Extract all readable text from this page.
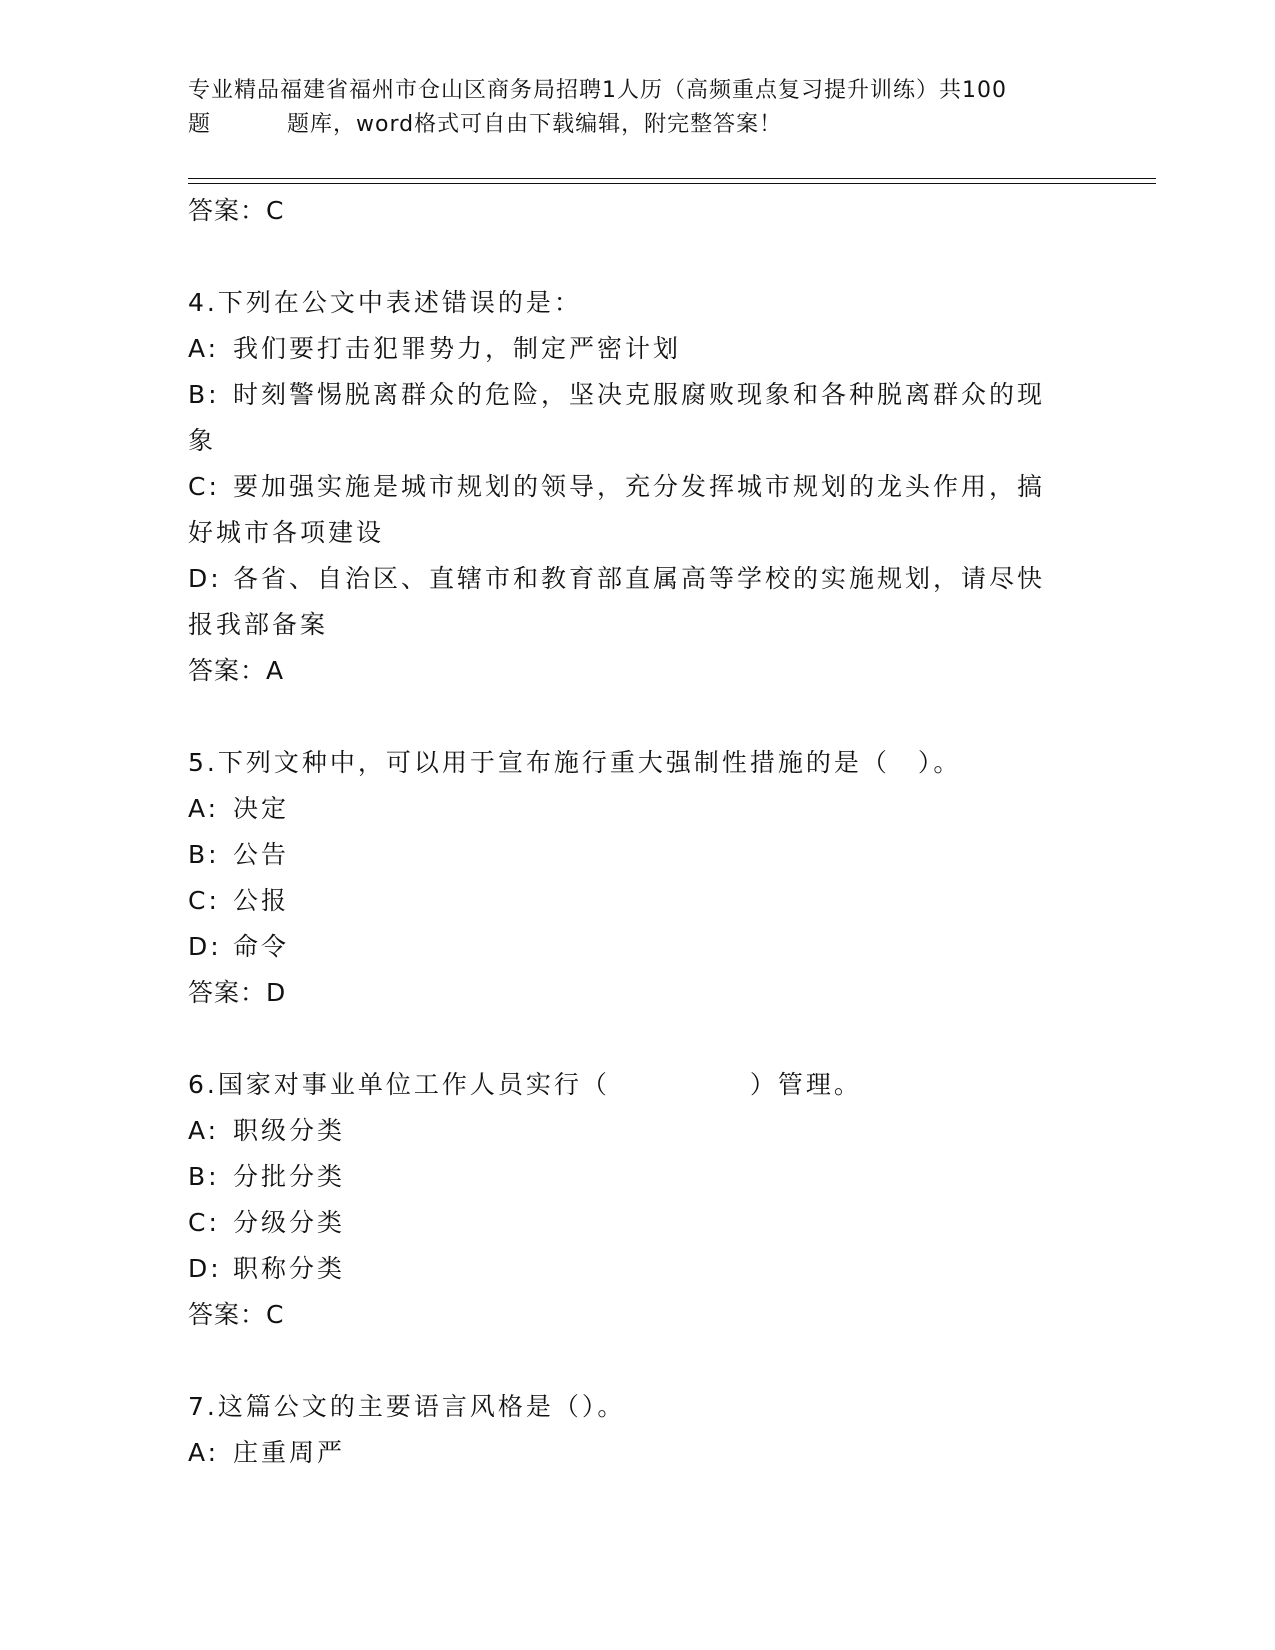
专业精品福建省福州市仓山区商务局招聘1人历（高频重点复习提升训练）共100
题	题库，word格式可自由下载编辑，附完整答案！
答案：C
4.下列在公文中表述错误的是：
A: 我们要打击犯罪势力，制定严密计划
B: 时刻警惕脱离群众的危险，坚决克服腐败现象和各种脱离群众的现
象
C: 要加强实施是城市规划的领导，充分发挥城市规划的龙头作用，搞
好城市各项建设
D: 各省、自治区、直辖市和教育部直属高等学校的实施规划，请尽快
报我部备案
答案：A
5.下列文种中，可以用于宣布施行重大强制性措施的是（　）。
A: 决定
B: 公告
C: 公报
D: 命令
答案：D
6.国家对事业单位工作人员实行（　　　　　）管理。
A: 职级分类
B: 分批分类
C: 分级分类
D: 职称分类
答案：C
7.这篇公文的主要语言风格是（）。
A: 庄重周严
